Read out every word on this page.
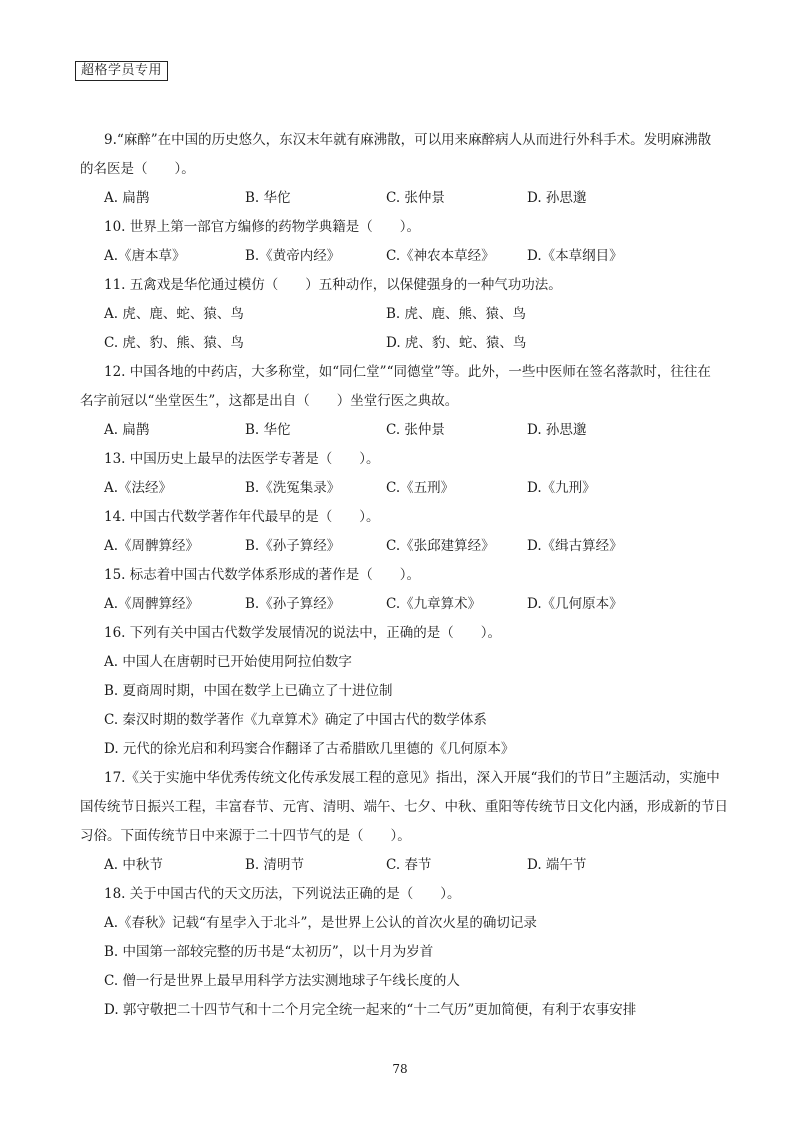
超格学员专用
9.“麻醉”在中国的历史悠久，东汉末年就有麻沸散，可以用来麻醉病人从而进行外科手术。发明麻沸散
的名医是（　　）。
A. 扁鹊	B. 华佗	C. 张仲景	D. 孙思邈
10. 世界上第一部官方编修的药物学典籍是（　　）。
A.《唐本草》	B.《黄帝内经》	C.《神农本草经》	D.《本草纲目》
11. 五禽戏是华佗通过模仿（　　）五种动作，以保健强身的一种气功功法。
A. 虎、鹿、蛇、猿、鸟	B. 虎、鹿、熊、猿、鸟
C. 虎、豹、熊、猿、鸟	D. 虎、豹、蛇、猿、鸟
12. 中国各地的中药店，大多称堂，如“同仁堂”“同德堂”等。此外，一些中医师在签名落款时，往往在
名字前冠以“坐堂医生”，这都是出自（　　）坐堂行医之典故。
A. 扁鹊	B. 华佗	C. 张仲景	D. 孙思邈
13. 中国历史上最早的法医学专著是（　　）。
A.《法经》	B.《洗冤集录》	C.《五刑》	D.《九刑》
14. 中国古代数学著作年代最早的是（　　）。
A.《周髀算经》	B.《孙子算经》	C.《张邱建算经》	D.《缉古算经》
15. 标志着中国古代数学体系形成的著作是（　　）。
A.《周髀算经》	B.《孙子算经》	C.《九章算术》	D.《几何原本》
16. 下列有关中国古代数学发展情况的说法中，正确的是（　　）。
A. 中国人在唐朝时已开始使用阿拉伯数字
B. 夏商周时期，中国在数学上已确立了十进位制
C. 秦汉时期的数学著作《九章算术》确定了中国古代的数学体系
D. 元代的徐光启和利玛窦合作翻译了古希腊欧几里德的《几何原本》
17.《关于实施中华优秀传统文化传承发展工程的意见》指出，深入开展“我们的节日”主题活动，实施中
国传统节日振兴工程，丰富春节、元宵、清明、端午、七夕、中秋、重阳等传统节日文化内涵，形成新的节日
习俗。下面传统节日中来源于二十四节气的是（　　）。
A. 中秋节	B. 清明节	C. 春节	D. 端午节
18. 关于中国古代的天文历法，下列说法正确的是（　　）。
A.《春秋》记载“有星孛入于北斗”，是世界上公认的首次火星的确切记录
B. 中国第一部较完整的历书是“太初历”，以十月为岁首
C. 僧一行是世界上最早用科学方法实测地球子午线长度的人
D. 郭守敬把二十四节气和十二个月完全统一起来的“十二气历”更加简便，有利于农事安排
78
